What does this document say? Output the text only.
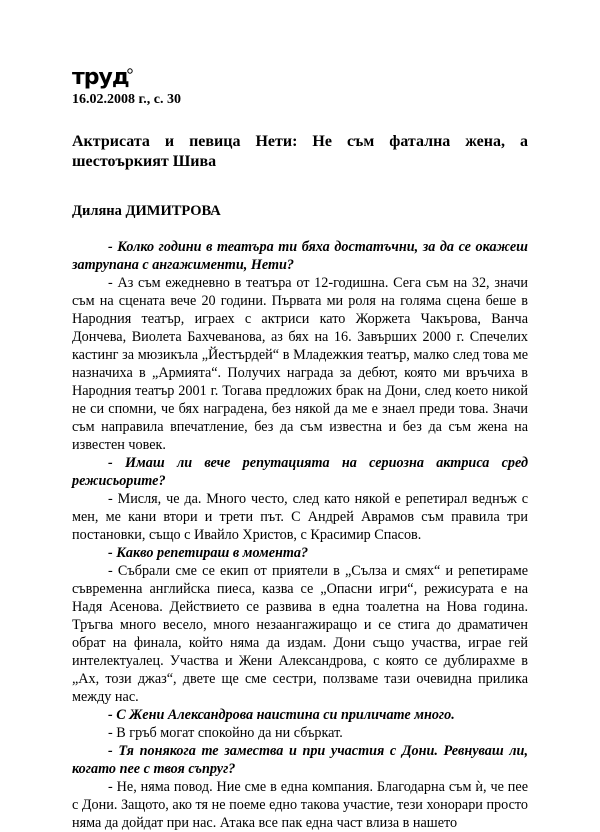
труд
16.02.2008 г., с. 30
Актрисата и певица Нети: Не съм фатална жена, а шестоъркият Шива
Диляна ДИМИТРОВА

- Колко години в театъра ти бяха достатъчни, за да се окажеш затрупана с ангажименти, Нети?

- Аз съм ежедневно в театъра от 12-годишна. Сега съм на 32, значи съм на сцената вече 20 години. Първата ми роля на голяма сцена беше в Народния театър, играех с актриси като Жоржета Чакърова, Ванча Дончева, Виолета Бахчеванова, аз бях на 16. Завърших 2000 г. Спечелих кастинг за мюзикъла „Йестърдей“ в Младежкия театър, малко след това ме назначиха в „Армията“. Получих награда за дебют, която ми връчиха в Народния театър 2001 г. Тогава предложих брак на Дони, след което никой не си спомни, че бях наградена, без някой да ме е знаел преди това. Значи съм направила впечатление, без да съм известна и без да съм жена на известен човек.

- Имаш ли вече репутацията на сериозна актриса сред режисьорите?

- Мисля, че да. Много често, след като някой е репетирал веднъж с мен, ме кани втори и трети път. С Андрей Аврамов съм правила три постановки, също с Ивайло Христов, с Красимир Спасов.

- Какво репетираш в момента?

- Събрали сме се екип от приятели в „Сълза и смях“ и репетираме съвременна английска пиеса, казва се „Опасни игри“, режисурата е на Надя Асенова. Действието се развива в една тоалетна на Нова година. Тръгва много весело, много незаангажиращо и се стига до драматичен обрат на финала, който няма да издам. Дони също участва, играе гей интелектуалец. Участва и Жени Александрова, с която се дублирахме в „Ах, този джаз“, двете ще сме сестри, ползваме тази очевидна прилика между нас.

- С Жени Александрова наистина си приличате много.

- В гръб могат спокойно да ни сбъркат.

- Тя понякога те замества и при участия с Дони. Ревнуваш ли, когато пее с твоя съпруг?

- Не, няма повод. Ние сме в една компания. Благодарна съм ѝ, че пее с Дони. Защото, ако тя не поеме едно такова участие, тези хонорари просто няма да дойдат при нас. Атака все пак една част влиза в нашето
